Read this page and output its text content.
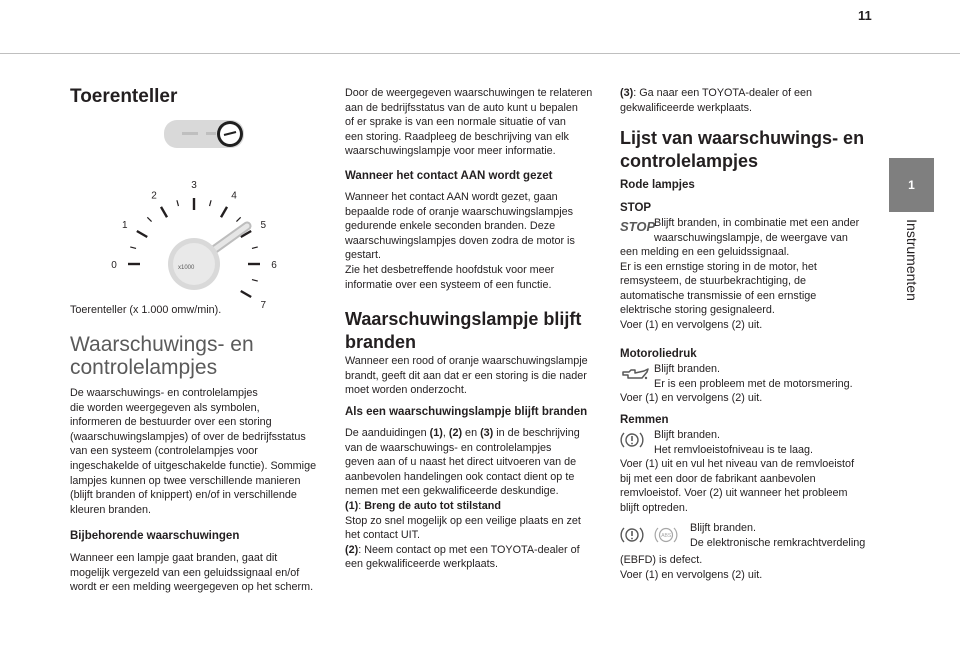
11
1
Instrumenten
Toerenteller
0
1
2
3
4
5
6
7
x1000
Toerenteller (x 1.000 omw/min).
Waarschuwings- en
controlelampjes
De waarschuwings- en controlelampjes
die worden weergegeven als symbolen,
informeren de bestuurder over een storing
(waarschuwingslampjes) of over de bedrijfsstatus
van een systeem (controlelampjes voor
ingeschakelde of uitgeschakelde functie). Sommige
lampjes kunnen op twee verschillende manieren
(blijft branden of knippert) en/of in verschillende
kleuren branden.
Bijbehorende waarschuwingen
Wanneer een lampje gaat branden, gaat dit
mogelijk vergezeld van een geluidssignaal en/of
wordt er een melding weergegeven op het scherm.
Door de weergegeven waarschuwingen te relateren
aan de bedrijfsstatus van de auto kunt u bepalen
of er sprake is van een normale situatie of van
een storing. Raadpleeg de beschrijving van elk
waarschuwingslampje voor meer informatie.
Wanneer het contact AAN wordt gezet
Wanneer het contact AAN wordt gezet, gaan
bepaalde rode of oranje waarschuwingslampjes
gedurende enkele seconden branden. Deze
waarschuwingslampjes doven zodra de motor is
gestart.
Zie het desbetreffende hoofdstuk voor meer
informatie over een systeem of een functie.
Waarschuwingslampje blijft
branden
Wanneer een rood of oranje waarschuwingslampje
brandt, geeft dit aan dat er een storing is die nader
moet worden onderzocht.
Als een waarschuwingslampje blijft branden
De aanduidingen (1), (2) en (3) in de beschrijving
van de waarschuwings- en controlelampjes
geven aan of u naast het direct uitvoeren van de
aanbevolen handelingen ook contact dient op te
nemen met een gekwalificeerde deskundige.
(1): Breng de auto tot stilstand
Stop zo snel mogelijk op een veilige plaats en zet
het contact UIT.
(2): Neem contact op met een TOYOTA-dealer of
een gekwalificeerde werkplaats.
(3): Ga naar een TOYOTA-dealer of een
gekwalificeerde werkplaats.
Lijst van waarschuwings- en
controlelampjes
Rode lampjes
STOP
STOP
Blijft branden, in combinatie met een ander
waarschuwingslampje, de weergave van
een melding en een geluidssignaal.
Er is een ernstige storing in de motor, het
remsysteem, de stuurbekrachtiging, de
automatische transmissie of een ernstige
elektrische storing gesignaleerd.
Voer (1) en vervolgens (2) uit.
Motoroliedruk
Blijft branden.
Er is een probleem met de motorsmering.
Voer (1) en vervolgens (2) uit.
Remmen
Blijft branden.
Het remvloeistofniveau is te laag.
Voer (1) uit en vul het niveau van de remvloeistof
bij met een door de fabrikant aanbevolen
remvloeistof. Voer (2) uit wanneer het probleem
blijft optreden.
ABS
Blijft branden.
De elektronische remkrachtverdeling
(EBFD) is defect.
Voer (1) en vervolgens (2) uit.
